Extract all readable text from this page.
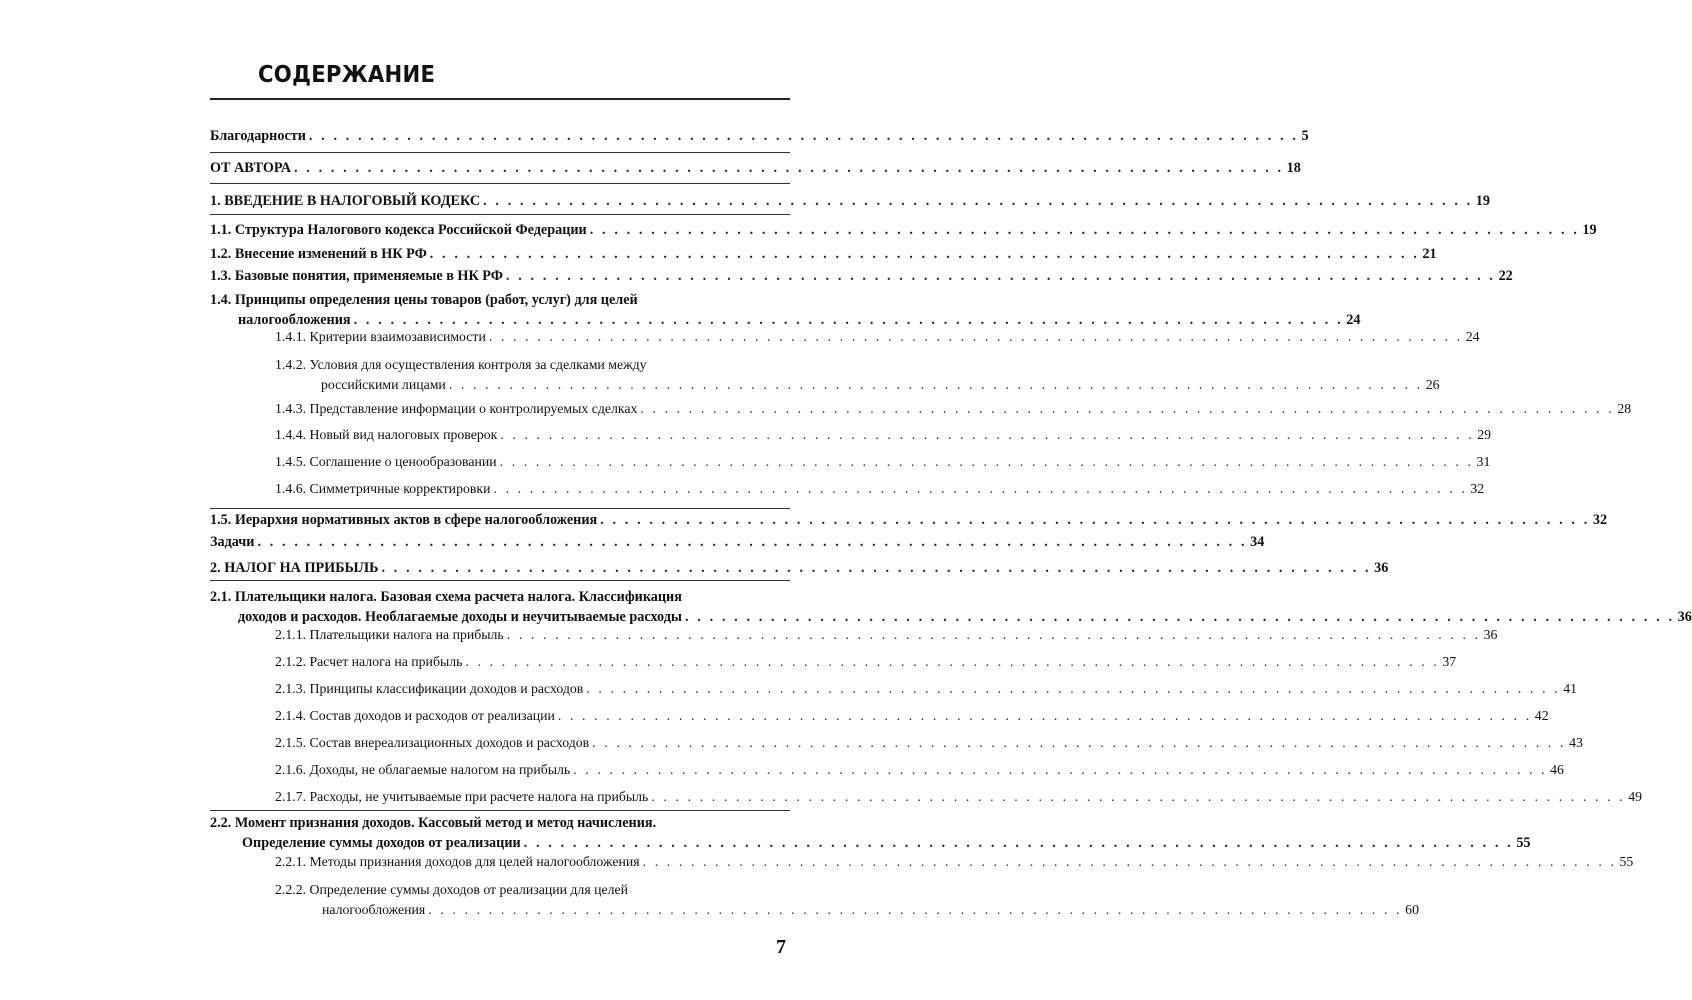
СОДЕРЖАНИЕ
Благодарности . . . . . . . . . . . . . . . . . . . . . . . . . . . . . . . . . . . . . . . . . . . . . . . . . . . . . . . . . . . . . . . . . . . . . . . . . . . . . . . . . 5
ОТ АВТОРА . . . . . . . . . . . . . . . . . . . . . . . . . . . . . . . . . . . . . . . . . . . . . . . . . . . . . . . . . . . . . . . . . . . . . . . . . . . . . . . . . 18
1. ВВЕДЕНИЕ В НАЛОГОВЫЙ КОДЕКС . . . . . . . . . . . . . . . . . . . . . . . . . . . . . . . . . . . . . . . . . . . . . . . . . . . . . . . . . . . . . . . . . . . . . . . . . . . . . . . . . 19
1.1. Структура Налогового кодекса Российской Федерации . . . . . . . . . . . . . . . . . . . . . . . . . . . . . . . . . . . . . . . . . . . . . . . . . . . . . . . . . . . . . . . . . . . . . . . . . . . . . . . . . 19
1.2. Внесение изменений в НК РФ . . . . . . . . . . . . . . . . . . . . . . . . . . . . . . . . . . . . . . . . . . . . . . . . . . . . . . . . . . . . . . . . . . . . . . . . . . . . . . . . . 21
1.3. Базовые понятия, применяемые в НК РФ . . . . . . . . . . . . . . . . . . . . . . . . . . . . . . . . . . . . . . . . . . . . . . . . . . . . . . . . . . . . . . . . . . . . . . . . . . . . . . . . . 22
1.4. Принципы определения цены товаров (работ, услуг) для целей
налогообложения . . . . . . . . . . . . . . . . . . . . . . . . . . . . . . . . . . . . . . . . . . . . . . . . . . . . . . . . . . . . . . . . . . . . . . . . . . . . . . . . . 24
1.4.1. Критерии взаимозависимости . . . . . . . . . . . . . . . . . . . . . . . . . . . . . . . . . . . . . . . . . . . . . . . . . . . . . . . . . . . . . . . . . . . . . . . . . . . . . . . . . 24
1.4.2. Условия для осуществления контроля за сделками между
российскими лицами . . . . . . . . . . . . . . . . . . . . . . . . . . . . . . . . . . . . . . . . . . . . . . . . . . . . . . . . . . . . . . . . . . . . . . . . . . . . . . . . . 26
1.4.3. Представление информации о контролируемых сделках . . . . . . . . . . . . . . . . . . . . . . . . . . . . . . . . . . . . . . . . . . . . . . . . . . . . . . . . . . . . . . . . . . . . . . . . . . . . . . . . . 28
1.4.4. Новый вид налоговых проверок . . . . . . . . . . . . . . . . . . . . . . . . . . . . . . . . . . . . . . . . . . . . . . . . . . . . . . . . . . . . . . . . . . . . . . . . . . . . . . . . . 29
1.4.5. Соглашение о ценообразовании . . . . . . . . . . . . . . . . . . . . . . . . . . . . . . . . . . . . . . . . . . . . . . . . . . . . . . . . . . . . . . . . . . . . . . . . . . . . . . . . . 31
1.4.6. Симметричные корректировки . . . . . . . . . . . . . . . . . . . . . . . . . . . . . . . . . . . . . . . . . . . . . . . . . . . . . . . . . . . . . . . . . . . . . . . . . . . . . . . . . 32
1.5. Иерархия нормативных актов в сфере налогообложения . . . . . . . . . . . . . . . . . . . . . . . . . . . . . . . . . . . . . . . . . . . . . . . . . . . . . . . . . . . . . . . . . . . . . . . . . . . . . . . . . 32
Задачи . . . . . . . . . . . . . . . . . . . . . . . . . . . . . . . . . . . . . . . . . . . . . . . . . . . . . . . . . . . . . . . . . . . . . . . . . . . . . . . . . 34
2. НАЛОГ НА ПРИБЫЛЬ . . . . . . . . . . . . . . . . . . . . . . . . . . . . . . . . . . . . . . . . . . . . . . . . . . . . . . . . . . . . . . . . . . . . . . . . . . . . . . . . . 36
2.1. Плательщики налога. Базовая схема расчета налога. Классификация
доходов и расходов. Необлагаемые доходы и неучитываемые расходы . . . . . . . . . . . . . . . . . . . . . . . . . . . . . . . . . . . . . . . . . . . . . . . . . . . . . . . . . . . . . . . . . . . . . . . . . . . . . . . . . 36
2.1.1. Плательщики налога на прибыль . . . . . . . . . . . . . . . . . . . . . . . . . . . . . . . . . . . . . . . . . . . . . . . . . . . . . . . . . . . . . . . . . . . . . . . . . . . . . . . . . 36
2.1.2. Расчет налога на прибыль . . . . . . . . . . . . . . . . . . . . . . . . . . . . . . . . . . . . . . . . . . . . . . . . . . . . . . . . . . . . . . . . . . . . . . . . . . . . . . . . . 37
2.1.3. Принципы классификации доходов и расходов . . . . . . . . . . . . . . . . . . . . . . . . . . . . . . . . . . . . . . . . . . . . . . . . . . . . . . . . . . . . . . . . . . . . . . . . . . . . . . . . . 41
2.1.4. Состав доходов и расходов от реализации . . . . . . . . . . . . . . . . . . . . . . . . . . . . . . . . . . . . . . . . . . . . . . . . . . . . . . . . . . . . . . . . . . . . . . . . . . . . . . . . . 42
2.1.5. Состав внереализационных доходов и расходов . . . . . . . . . . . . . . . . . . . . . . . . . . . . . . . . . . . . . . . . . . . . . . . . . . . . . . . . . . . . . . . . . . . . . . . . . . . . . . . . . 43
2.1.6. Доходы, не облагаемые налогом на прибыль . . . . . . . . . . . . . . . . . . . . . . . . . . . . . . . . . . . . . . . . . . . . . . . . . . . . . . . . . . . . . . . . . . . . . . . . . . . . . . . . . 46
2.1.7. Расходы, не учитываемые при расчете налога на прибыль . . . . . . . . . . . . . . . . . . . . . . . . . . . . . . . . . . . . . . . . . . . . . . . . . . . . . . . . . . . . . . . . . . . . . . . . . . . . . . . . . 49
2.2. Момент признания доходов. Кассовый метод и метод начисления.
Определение суммы доходов от реализации . . . . . . . . . . . . . . . . . . . . . . . . . . . . . . . . . . . . . . . . . . . . . . . . . . . . . . . . . . . . . . . . . . . . . . . . . . . . . . . . . 55
2.2.1. Методы признания доходов для целей налогообложения . . . . . . . . . . . . . . . . . . . . . . . . . . . . . . . . . . . . . . . . . . . . . . . . . . . . . . . . . . . . . . . . . . . . . . . . . . . . . . . . . 55
2.2.2. Определение суммы доходов от реализации для целей
налогообложения . . . . . . . . . . . . . . . . . . . . . . . . . . . . . . . . . . . . . . . . . . . . . . . . . . . . . . . . . . . . . . . . . . . . . . . . . . . . . . . . . 60
7
